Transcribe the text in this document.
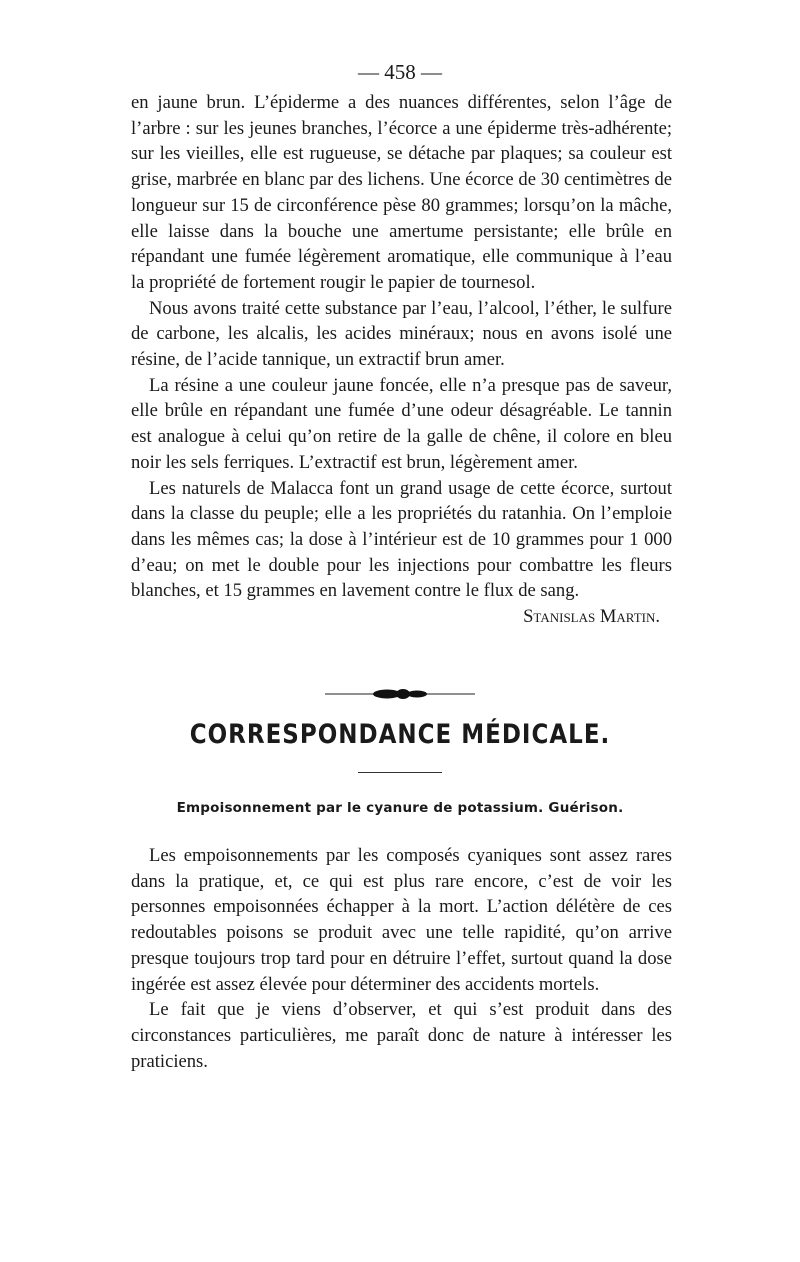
— 458 —

en jaune brun. L’épiderme a des nuances différentes, selon l’âge de l’arbre : sur les jeunes branches, l’écorce a une épiderme très-adhérente; sur les vieilles, elle est rugueuse, se détache par plaques; sa couleur est grise, marbrée en blanc par des lichens. Une écorce de 30 centimètres de longueur sur 15 de circonférence pèse 80 grammes; lorsqu’on la mâche, elle laisse dans la bouche une amertume persistante; elle brûle en répandant une fumée légèrement aromatique, elle communique à l’eau la propriété de fortement rougir le papier de tournesol.

Nous avons traité cette substance par l’eau, l’alcool, l’éther, le sulfure de carbone, les alcalis, les acides minéraux; nous en avons isolé une résine, de l’acide tannique, un extractif brun amer.

La résine a une couleur jaune foncée, elle n’a presque pas de saveur, elle brûle en répandant une fumée d’une odeur désagréable. Le tannin est analogue à celui qu’on retire de la galle de chêne, il colore en bleu noir les sels ferriques. L’extractif est brun, légèrement amer.

Les naturels de Malacca font un grand usage de cette écorce, surtout dans la classe du peuple; elle a les propriétés du ratanhia. On l’emploie dans les mêmes cas; la dose à l’intérieur est de 10 grammes pour 1 000 d’eau; on met le double pour les injections pour combattre les fleurs blanches, et 15 grammes en lavement contre le flux de sang.
Stanislas Martin.

CORRESPONDANCE MÉDICALE.
Empoisonnement par le cyanure de potassium. Guérison.

Les empoisonnements par les composés cyaniques sont assez rares dans la pratique, et, ce qui est plus rare encore, c’est de voir les personnes empoisonnées échapper à la mort. L’action délétère de ces redoutables poisons se produit avec une telle rapidité, qu’on arrive presque toujours trop tard pour en détruire l’effet, surtout quand la dose ingérée est assez élevée pour déterminer des accidents mortels.

Le fait que je viens d’observer, et qui s’est produit dans des circonstances particulières, me paraît donc de nature à intéresser les praticiens.
